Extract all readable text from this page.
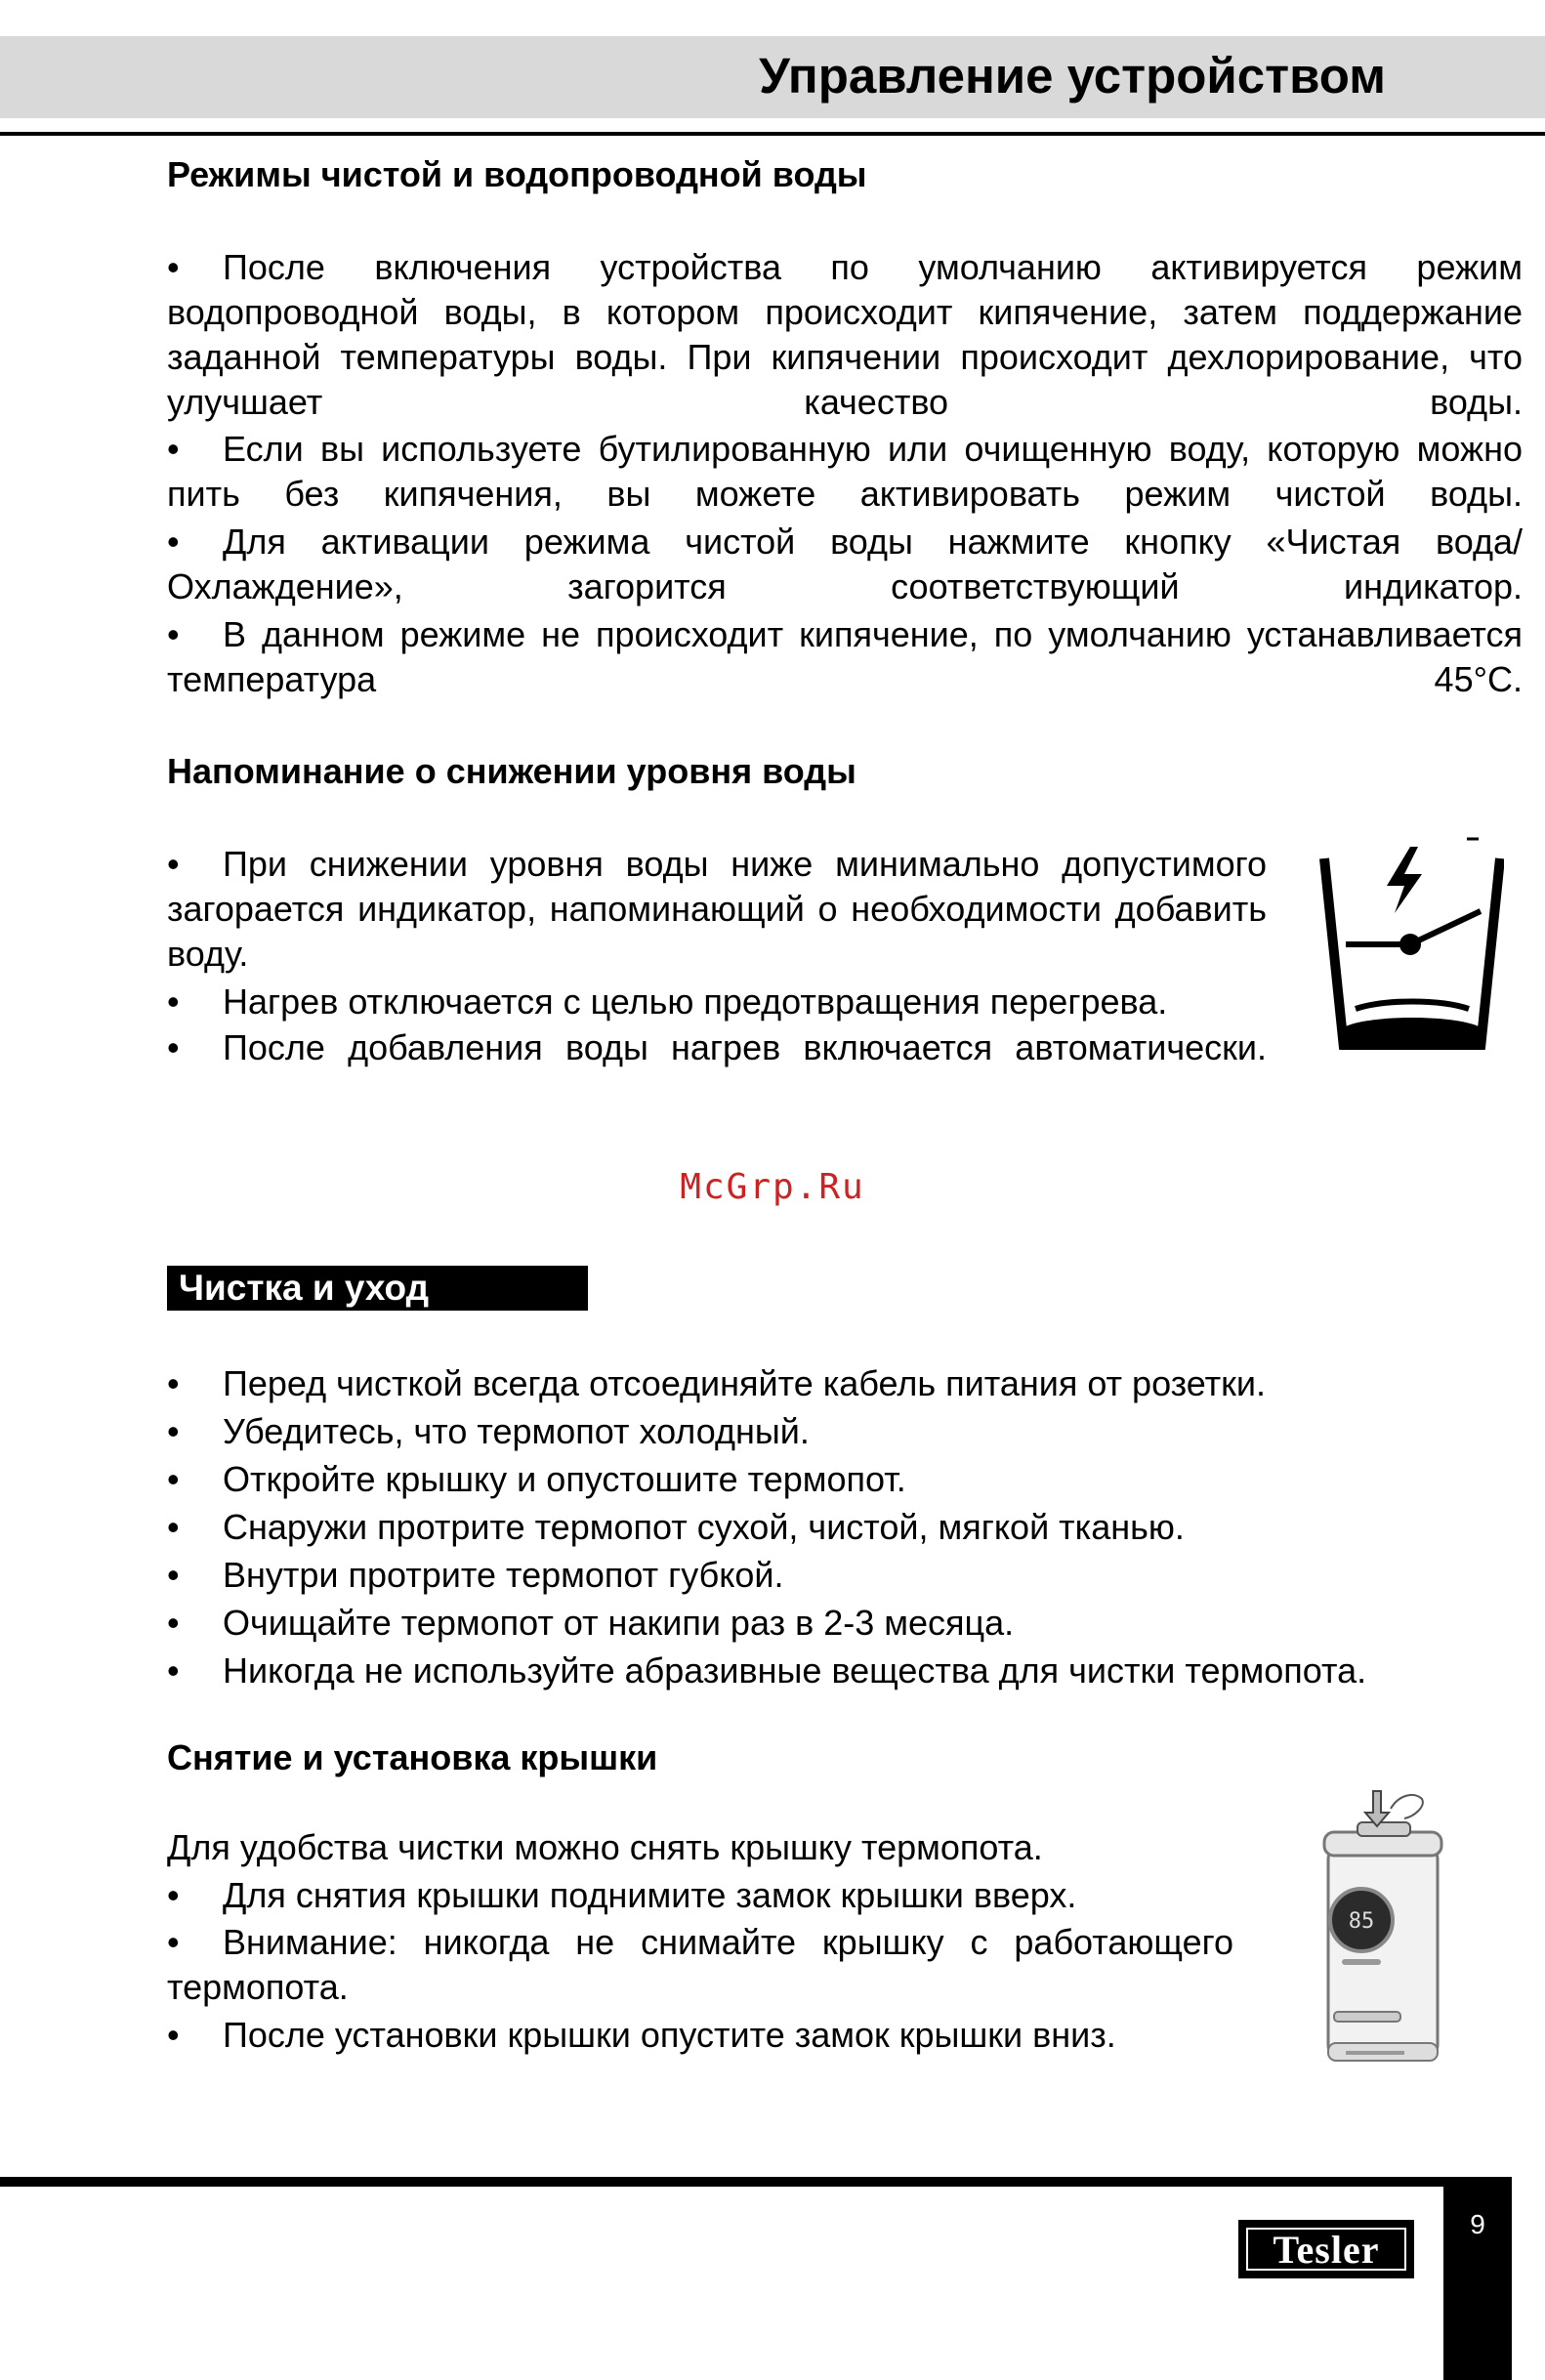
Управление устройством
Режимы чистой и водопроводной воды
• После включения устройства по умолчанию активируется режим водопроводной воды, в котором происходит кипячение, затем поддержание заданной температуры воды. При кипячении происходит дехлорирование, что улучшает качество воды.
• Если вы используете бутилированную или очищенную воду, которую можно пить без кипячения, вы можете активировать режим чистой воды.
• Для активации режима чистой воды нажмите кнопку «Чистая вода/Охлаждение», загорится соответствующий индикатор.
• В данном режиме не происходит кипячение, по умолчанию устанавливается температура 45°C.
Напоминание о снижении уровня воды
• При снижении уровня воды ниже минимально допустимого загорается индикатор, напоминающий о необходимости добавить воду.
• Нагрев отключается с целью предотвращения перегрева.
• После добавления воды нагрев включается автоматически.
McGrp.Ru
Чистка и уход
• Перед чисткой всегда отсоединяйте кабель питания от розетки.
• Убедитесь, что термопот холодный.
• Откройте крышку и опустошите термопот.
• Снаружи протрите термопот сухой, чистой, мягкой тканью.
• Внутри протрите термопот губкой.
• Очищайте термопот от накипи раз в 2-3 месяца.
• Никогда не используйте абразивные вещества для чистки термопота.
Снятие и установка крышки
Для удобства чистки можно снять крышку термопота.
• Для снятия крышки поднимите замок крышки вверх.
• Внимание: никогда не снимайте крышку с работающего термопота.
• После установки крышки опустите замок крышки вниз.
85
9
Tesler
